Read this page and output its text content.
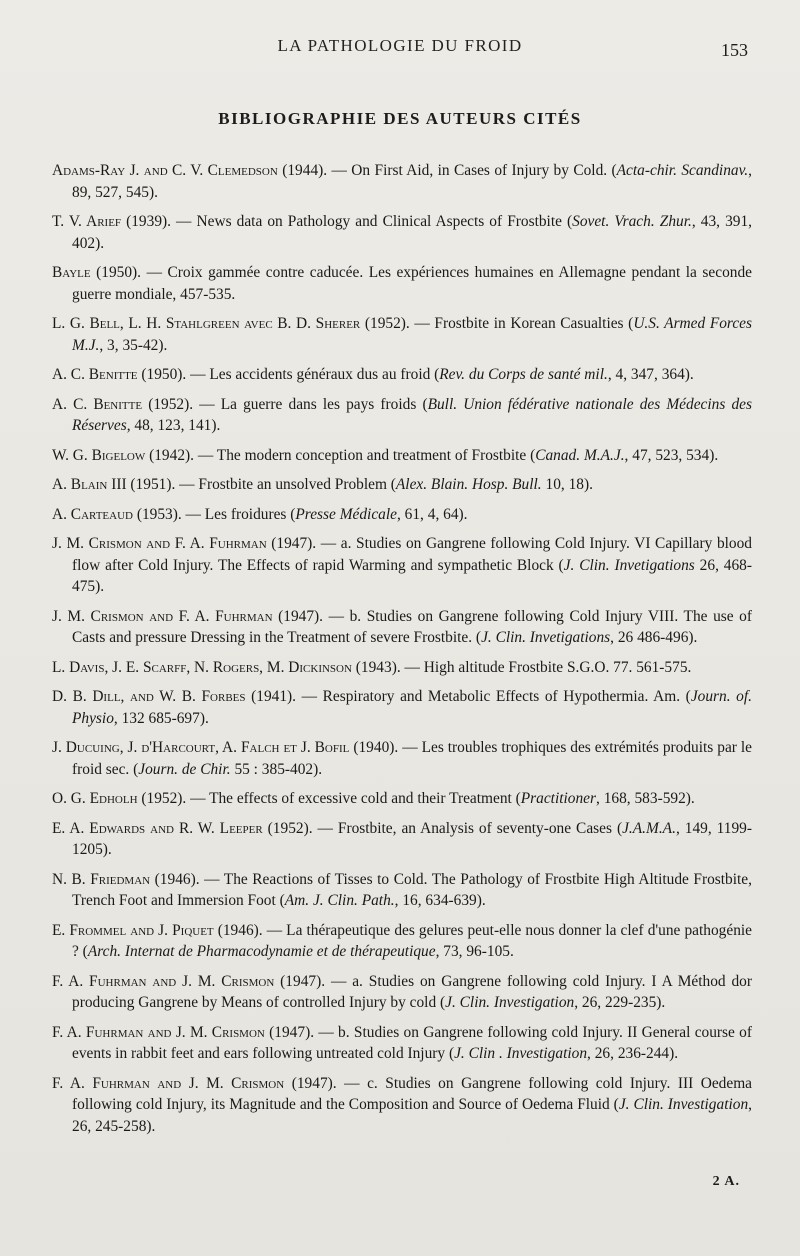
LA PATHOLOGIE DU FROID	153
BIBLIOGRAPHIE DES AUTEURS CITÉS
Adams-Ray J. and C. V. Clemedson (1944). — On First Aid, in Cases of Injury by Cold. (Acta-chir. Scandinav., 89, 527, 545).
T. V. Arief (1939). — News data on Pathology and Clinical Aspects of Frostbite (Sovet. Vrach. Zhur., 43, 391, 402).
Bayle (1950). — Croix gammée contre caducée. Les expériences humaines en Allemagne pendant la seconde guerre mondiale, 457-535.
L. G. Bell, L. H. Stahlgreen avec B. D. Sherer (1952). — Frostbite in Korean Casualties (U.S. Armed Forces M.J., 3, 35-42).
A. C. Benitte (1950). — Les accidents généraux dus au froid (Rev. du Corps de santé mil., 4, 347, 364).
A. C. Benitte (1952). — La guerre dans les pays froids (Bull. Union fédérative nationale des Médecins des Réserves, 48, 123, 141).
W. G. Bigelow (1942). — The modern conception and treatment of Frostbite (Canad. M.A.J., 47, 523, 534).
A. Blain III (1951). — Frostbite an unsolved Problem (Alex. Blain. Hosp. Bull. 10, 18).
A. Carteaud (1953). — Les froidures (Presse Médicale, 61, 4, 64).
J. M. Crismon and F. A. Fuhrman (1947). — a. Studies on Gangrene following Cold Injury. VI Capillary blood flow after Cold Injury. The Effects of rapid Warming and sympathetic Block (J. Clin. Invetigations 26, 468-475).
J. M. Crismon and F. A. Fuhrman (1947). — b. Studies on Gangrene following Cold Injury VIII. The use of Casts and pressure Dressing in the Treatment of severe Frostbite. (J. Clin. Invetigations, 26 486-496).
L. Davis, J. E. Scarff, N. Rogers, M. Dickinson (1943). — High altitude Frostbite S.G.O. 77. 561-575.
D. B. Dill, and W. B. Forbes (1941). — Respiratory and Metabolic Effects of Hypothermia. Am. (Journ. of. Physio, 132 685-697).
J. Ducuing, J. d'Harcourt, A. Falch et J. Bofil (1940). — Les troubles trophiques des extrémités produits par le froid sec. (Journ. de Chir. 55 : 385-402).
O. G. Edholh (1952). — The effects of excessive cold and their Treatment (Practitioner, 168, 583-592).
E. A. Edwards and R. W. Leeper (1952). — Frostbite, an Analysis of seventy-one Cases (J.A.M.A., 149, 1199-1205).
N. B. Friedman (1946). — The Reactions of Tisses to Cold. The Pathology of Frostbite High Altitude Frostbite, Trench Foot and Immersion Foot (Am. J. Clin. Path., 16, 634-639).
E. Frommel and J. Piquet (1946). — La thérapeutique des gelures peut-elle nous donner la clef d'une pathogénie ? (Arch. Internat de Pharmacodynamie et de thérapeutique, 73, 96-105.
F. A. Fuhrman and J. M. Crismon (1947). — a. Studies on Gangrene following cold Injury. I A Méthod dor producing Gangrene by Means of controlled Injury by cold (J. Clin. Investigation, 26, 229-235).
F. A. Fuhrman and J. M. Crismon (1947). — b. Studies on Gangrene following cold Injury. II General course of events in rabbit feet and ears following untreated cold Injury (J. Clin . Investigation, 26, 236-244).
F. A. Fuhrman and J. M. Crismon (1947). — c. Studies on Gangrene following cold Injury. III Oedema following cold Injury, its Magnitude and the Composition and Source of Oedema Fluid (J. Clin. Investigation, 26, 245-258).
2 A.
